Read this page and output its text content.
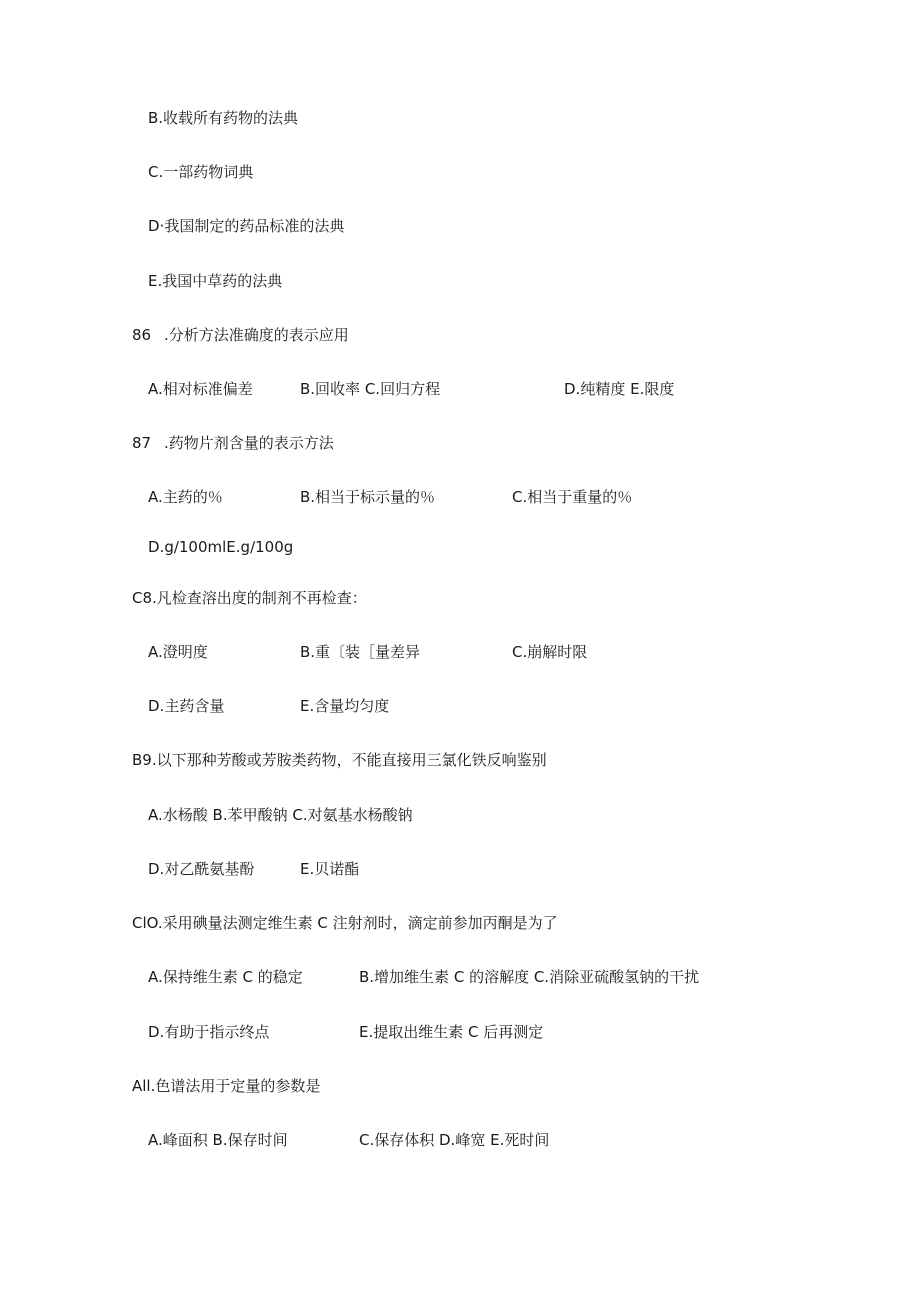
B.收载所有药物的法典
C.一部药物词典
D·我国制定的药品标准的法典
E.我国中草药的法典
86 .分析方法准确度的表示应用
A.相对标准偏差	B.回收率 C.回归方程	D.纯精度 E.限度
87 .药物片剂含量的表示方法
A.主药的％	B.相当于标示量的％	C.相当于重量的％
D.g∕100mlE.g∕100g
C8.凡检查溶出度的制剂不再检查：
A.澄明度	B.重〔装［量差异	C.崩解时限
D.主药含量	E.含量均匀度
B9.以下那种芳酸或芳胺类药物，不能直接用三氯化铁反响鉴别
A.水杨酸 B.苯甲酸钠 C.对氨基水杨酸钠
D.对乙酰氨基酚	E.贝诺酯
ClO.采用碘量法测定维生素 C 注射剂时，滴定前参加丙酮是为了
A.保持维生素 C 的稳定	B.增加维生素 C 的溶解度 C.消除亚硫酸氢钠的干扰
D.有助于指示终点	E.提取出维生素 C 后再测定
All.色谱法用于定量的参数是
A.峰面积 B.保存时间	C.保存体积 D.峰宽 E.死时间
